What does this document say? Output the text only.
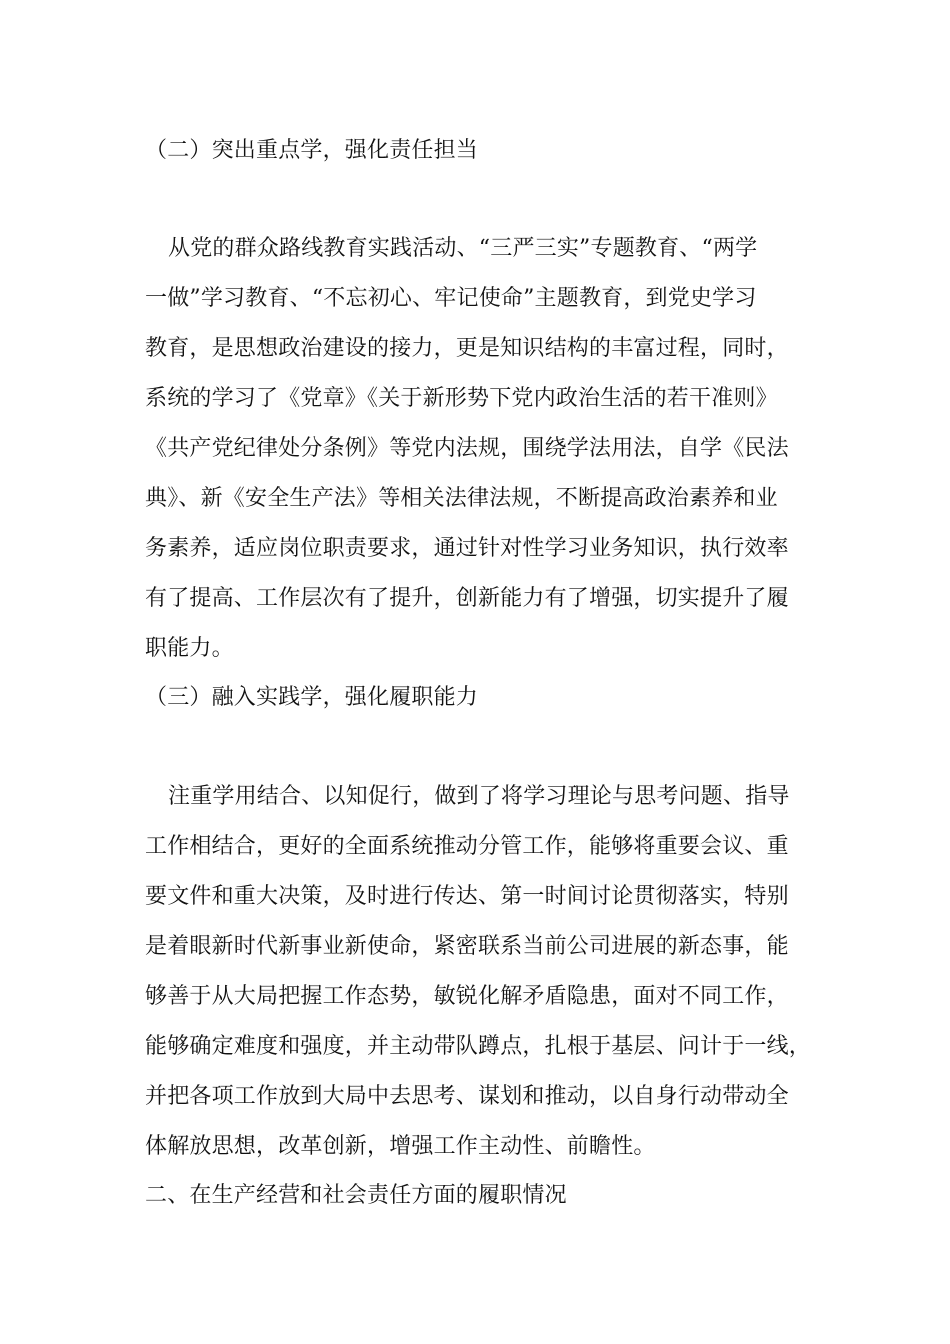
（二）突出重点学，强化责任担当
从党的群众路线教育实践活动、“三严三实”专题教育、“两学
一做”学习教育、“不忘初心、牢记使命”主题教育，到党史学习
教育，是思想政治建设的接力，更是知识结构的丰富过程，同时，
系统的学习了《党章》《关于新形势下党内政治生活的若干准则》
《共产党纪律处分条例》等党内法规，围绕学法用法，自学《民法
典》、新《安全生产法》等相关法律法规，不断提高政治素养和业
务素养，适应岗位职责要求，通过针对性学习业务知识，执行效率
有了提高、工作层次有了提升，创新能力有了增强，切实提升了履
职能力。
（三）融入实践学，强化履职能力
注重学用结合、以知促行，做到了将学习理论与思考问题、指导
工作相结合，更好的全面系统推动分管工作，能够将重要会议、重
要文件和重大决策，及时进行传达、第一时间讨论贯彻落实，特别
是着眼新时代新事业新使命，紧密联系当前公司进展的新态事，能
够善于从大局把握工作态势，敏锐化解矛盾隐患，面对不同工作，
能够确定难度和强度，并主动带队蹲点，扎根于基层、问计于一线，
并把各项工作放到大局中去思考、谋划和推动，以自身行动带动全
体解放思想，改革创新，增强工作主动性、前瞻性。
二、在生产经营和社会责任方面的履职情况
